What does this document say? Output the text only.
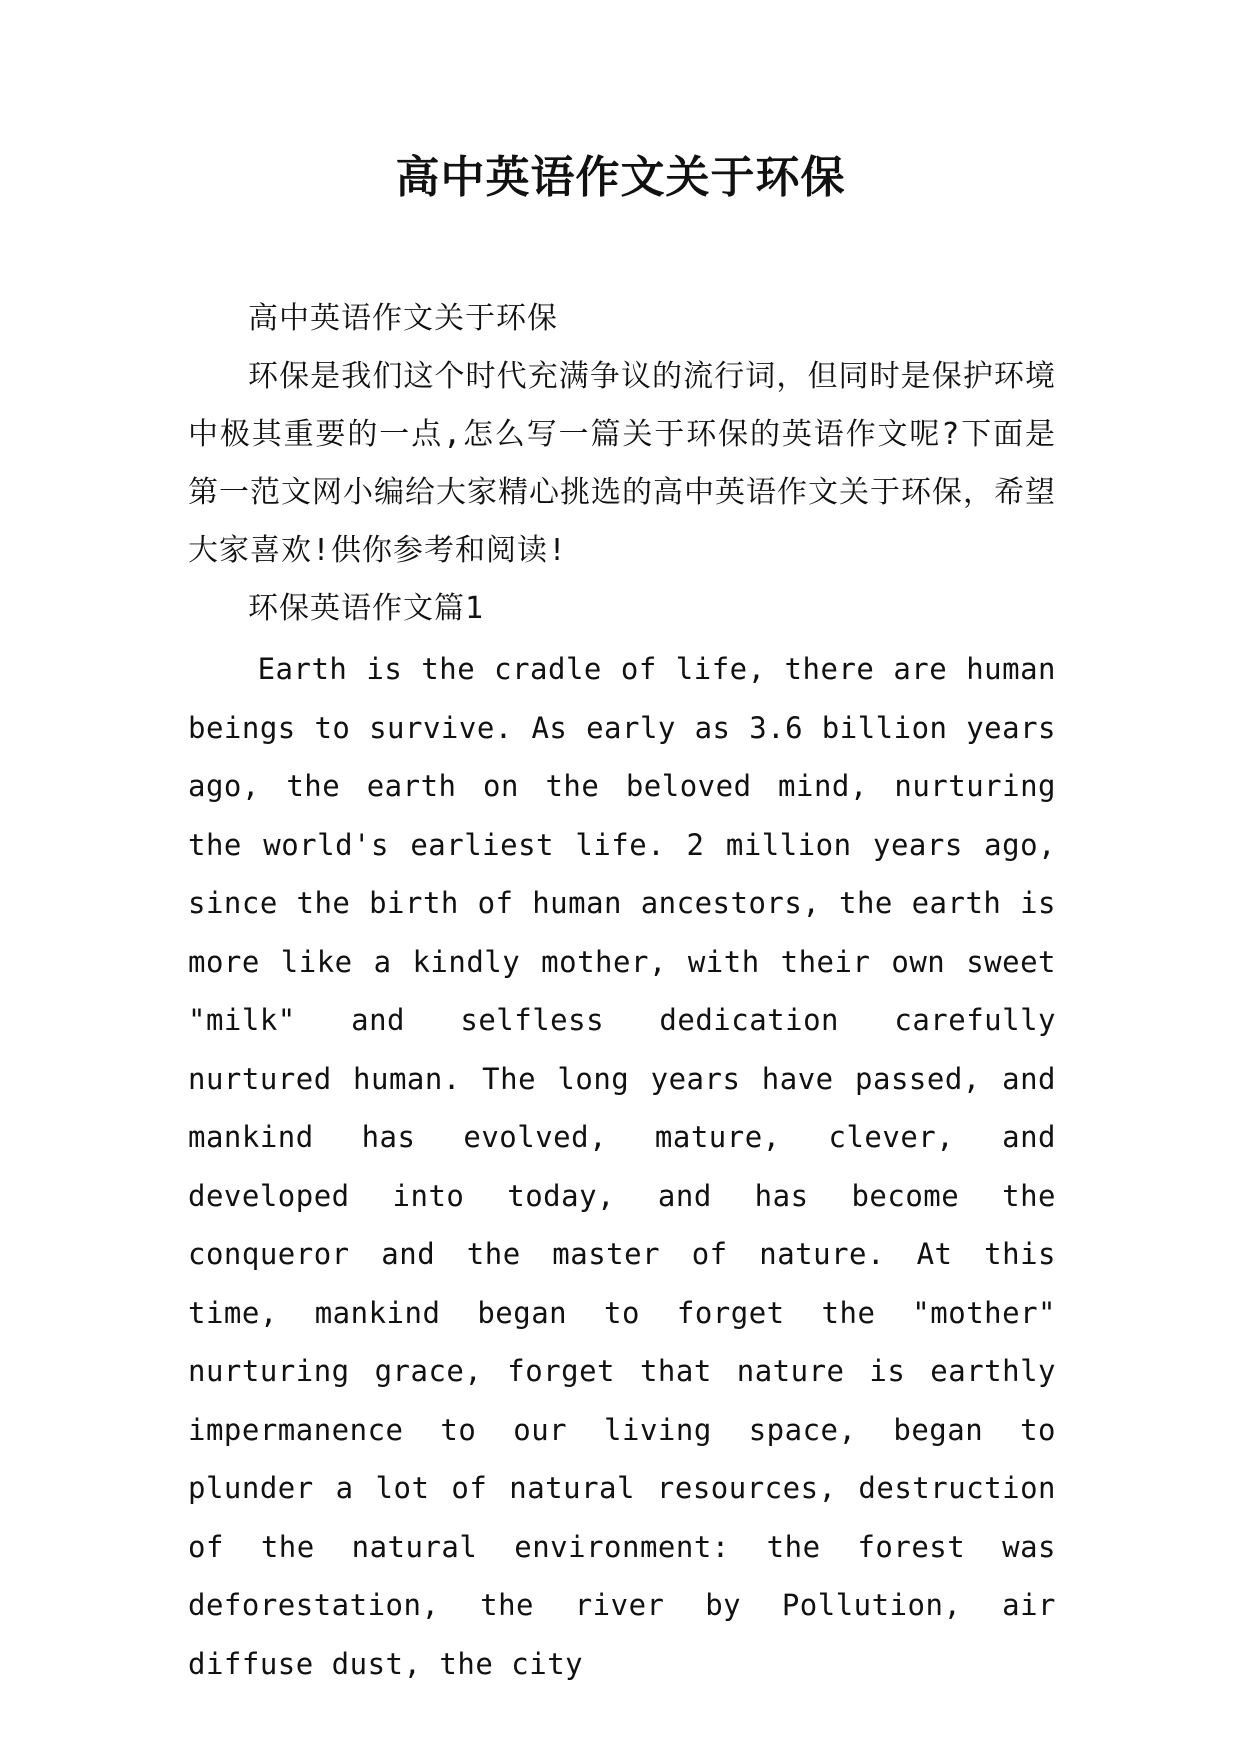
高中英语作文关于环保

高中英语作文关于环保

环保是我们这个时代充满争议的流行词，但同时是保护环境中极其重要的一点,怎么写一篇关于环保的英语作文呢?下面是第一范文网小编给大家精心挑选的高中英语作文关于环保，希望大家喜欢!供你参考和阅读!

环保英语作文篇1

Earth is the cradle of life, there are human beings to survive. As early as 3.6 billion years ago, the earth on the beloved mind, nurturing the world's earliest life. 2 million years ago, since the birth of human ancestors, the earth is more like a kindly mother, with their own sweet "milk" and selfless dedication carefully nurtured human. The long years have passed, and mankind has evolved, mature, clever, and developed into today, and has become the conqueror and the master of nature. At this time, mankind began to forget the "mother" nurturing grace, forget that nature is earthly impermanence to our living space, began to plunder a lot of natural resources, destruction of the natural environment: the forest was deforestation, the river by Pollution, air diffuse dust, the city
